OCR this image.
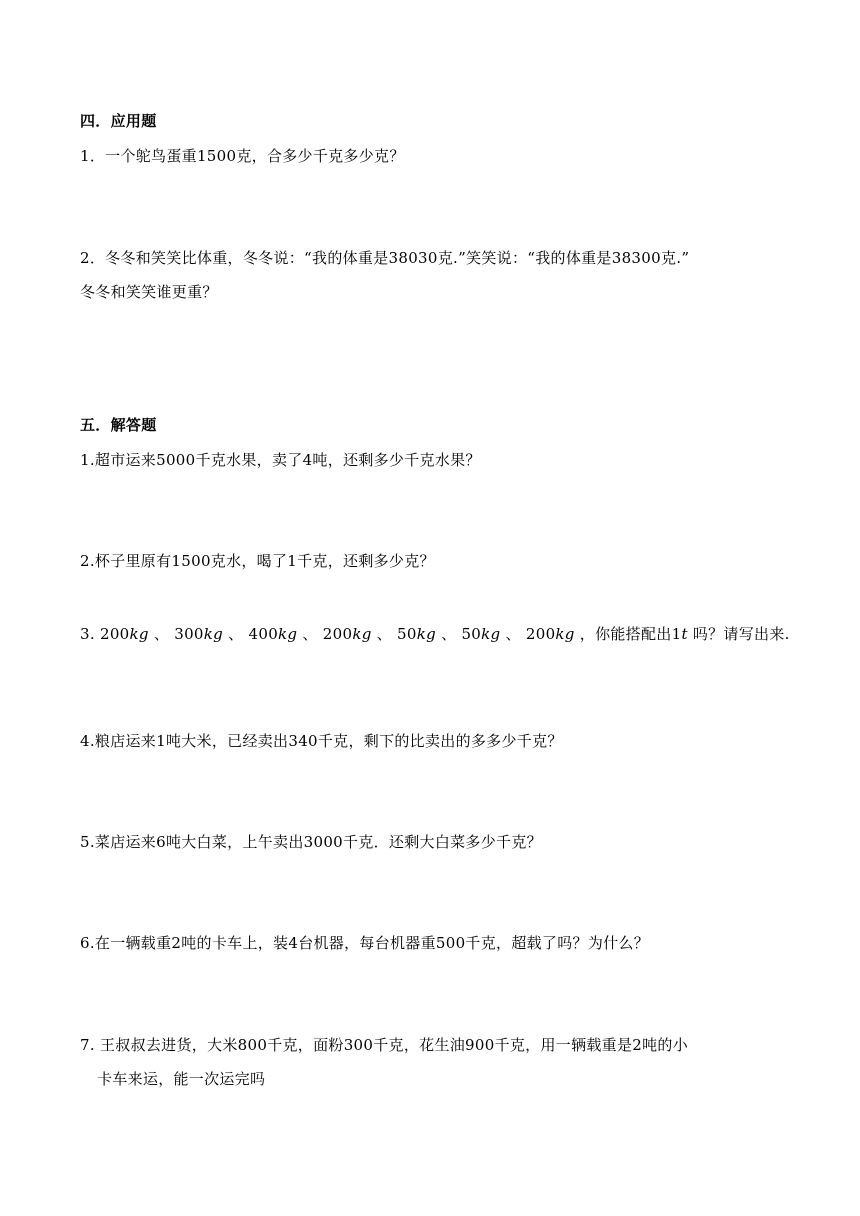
四．应用题
1．一个鸵鸟蛋重1500克，合多少千克多少克？
2．冬冬和笑笑比体重，冬冬说：“我的体重是38030克.”笑笑说：“我的体重是38300克.”
冬冬和笑笑谁更重？
五．解答题
1.超市运来5000千克水果，卖了4吨，还剩多少千克水果？
2.杯子里原有1500克水，喝了1千克，还剩多少克？
3. 200kg 、 300kg 、 400kg 、 200kg 、 50kg 、 50kg 、 200kg ，你能搭配出1t 吗？请写出来.
4.粮店运来1吨大米，已经卖出340千克，剩下的比卖出的多多少千克？
5.菜店运来6吨大白菜，上午卖出3000千克．还剩大白菜多少千克？
6.在一辆载重2吨的卡车上，装4台机器，每台机器重500千克，超载了吗？为什么？
7. 王叔叔去进货，大米800千克，面粉300千克，花生油900千克，用一辆载重是2吨的小
卡车来运，能一次运完吗
